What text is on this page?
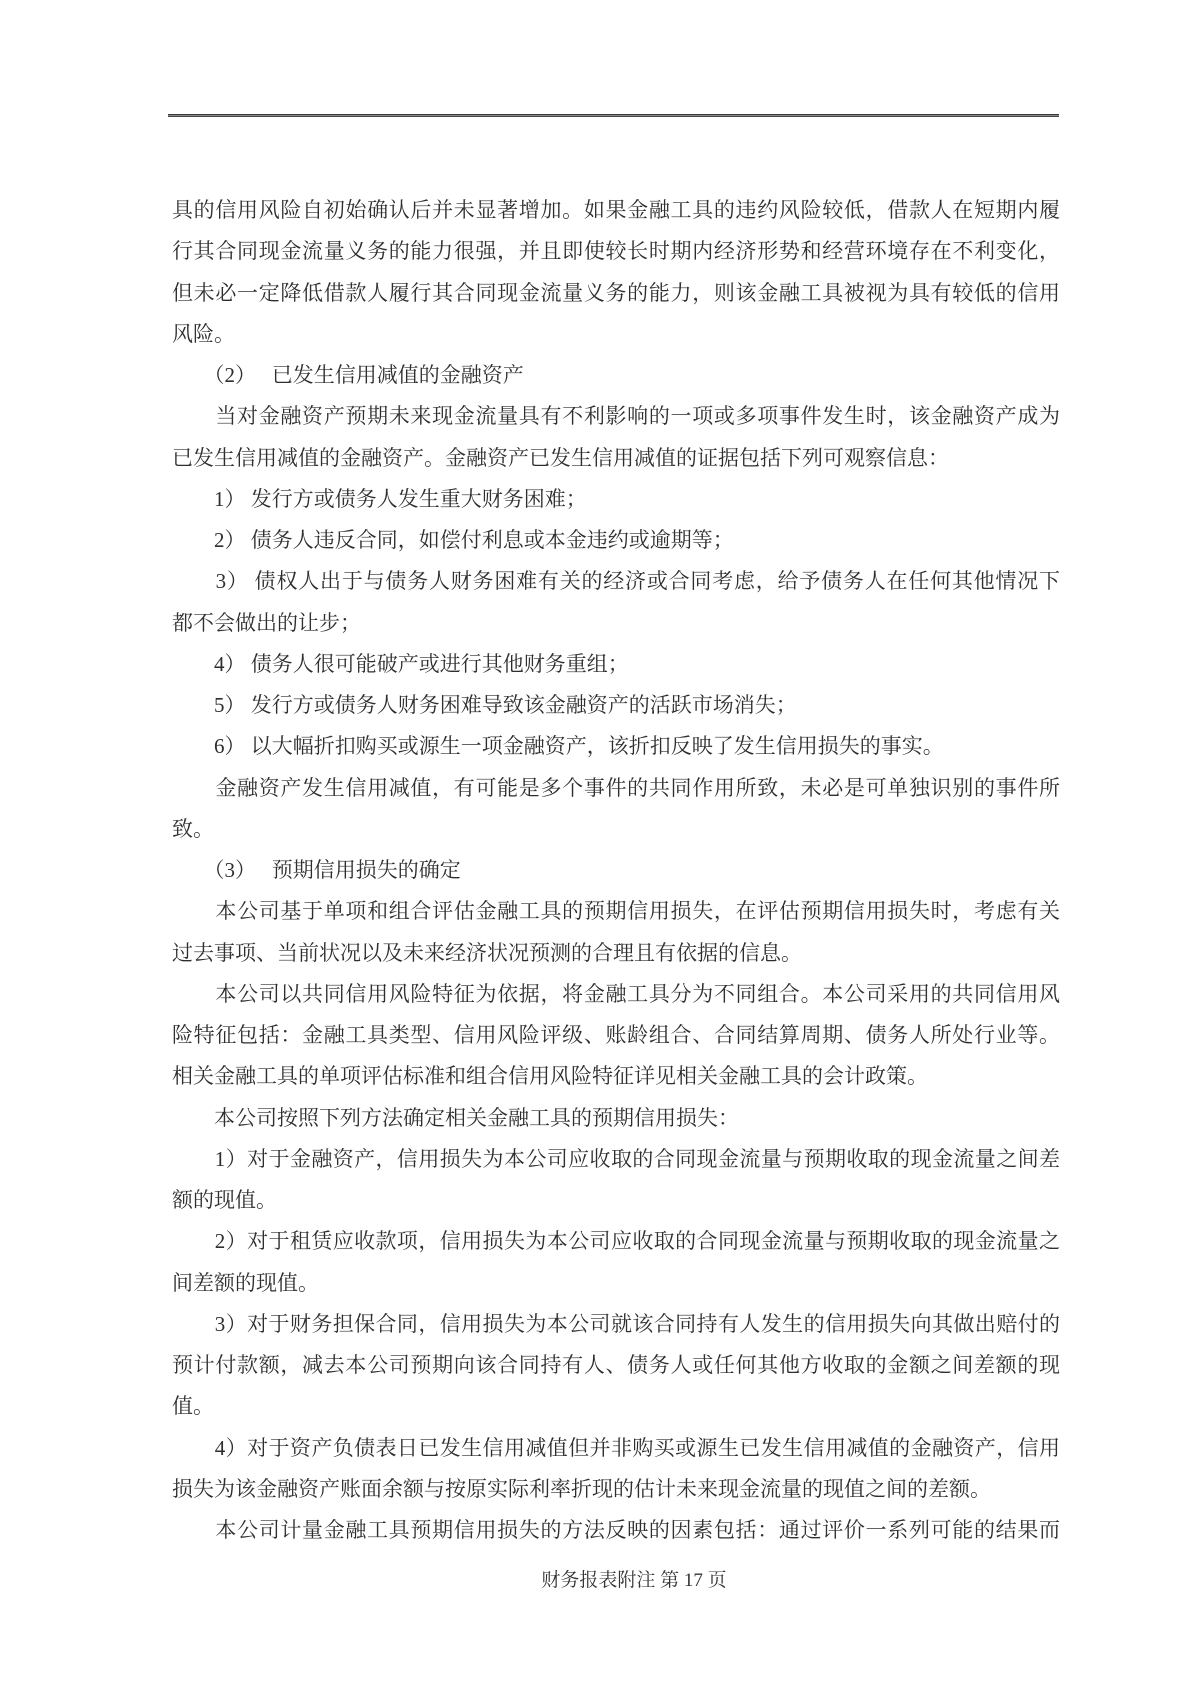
具的信用风险自初始确认后并未显著增加。如果金融工具的违约风险较低，借款人在短期内履
行其合同现金流量义务的能力很强，并且即使较长时期内经济形势和经营环境存在不利变化，
但未必一定降低借款人履行其合同现金流量义务的能力，则该金融工具被视为具有较低的信用
风险。
　　（2）　 已发生信用减值的金融资产
　　当对金融资产预期未来现金流量具有不利影响的一项或多项事件发生时，该金融资产成为
已发生信用减值的金融资产。金融资产已发生信用减值的证据包括下列可观察信息：
　　1） 发行方或债务人发生重大财务困难；
　　2） 债务人违反合同，如偿付利息或本金违约或逾期等；
　　3） 债权人出于与债务人财务困难有关的经济或合同考虑，给予债务人在任何其他情况下
都不会做出的让步；
　　4） 债务人很可能破产或进行其他财务重组；
　　5） 发行方或债务人财务困难导致该金融资产的活跃市场消失；
　　6） 以大幅折扣购买或源生一项金融资产，该折扣反映了发生信用损失的事实。
　　金融资产发生信用减值，有可能是多个事件的共同作用所致，未必是可单独识别的事件所
致。
　　（3）　 预期信用损失的确定
　　本公司基于单项和组合评估金融工具的预期信用损失，在评估预期信用损失时，考虑有关
过去事项、当前状况以及未来经济状况预测的合理且有依据的信息。
　　本公司以共同信用风险特征为依据，将金融工具分为不同组合。本公司采用的共同信用风
险特征包括：金融工具类型、信用风险评级、账龄组合、合同结算周期、债务人所处行业等。
相关金融工具的单项评估标准和组合信用风险特征详见相关金融工具的会计政策。
　　本公司按照下列方法确定相关金融工具的预期信用损失：
　　1）对于金融资产，信用损失为本公司应收取的合同现金流量与预期收取的现金流量之间差
额的现值。
　　2）对于租赁应收款项，信用损失为本公司应收取的合同现金流量与预期收取的现金流量之
间差额的现值。
　　3）对于财务担保合同，信用损失为本公司就该合同持有人发生的信用损失向其做出赔付的
预计付款额，减去本公司预期向该合同持有人、债务人或任何其他方收取的金额之间差额的现
值。
　　4）对于资产负债表日已发生信用减值但并非购买或源生已发生信用减值的金融资产，信用
损失为该金融资产账面余额与按原实际利率折现的估计未来现金流量的现值之间的差额。
　　本公司计量金融工具预期信用损失的方法反映的因素包括：通过评价一系列可能的结果而
财务报表附注 第 17 页
